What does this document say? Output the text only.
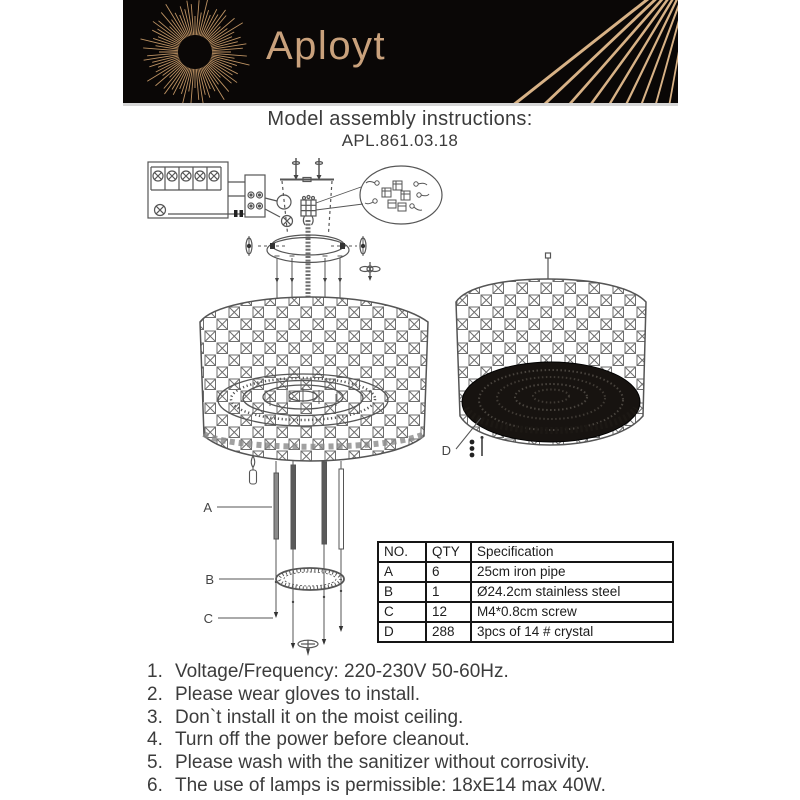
Aployt
Model assembly instructions:
APL.861.03.18
A
B
C
D
NO.	QTY	Specification
A	6	25cm iron pipe
B	1	Ø24.2cm stainless steel
C	12	M4*0.8cm screw
D	288	3pcs of 14 # crystal
1. Voltage/Frequency: 220-230V 50-60Hz.
2. Please wear gloves to install.
3. Don`t install it on the moist ceiling.
4. Turn off the power before cleanout.
5. Please wash with the sanitizer without corrosivity.
6. The use of lamps is permissible: 18xE14 max 40W.
